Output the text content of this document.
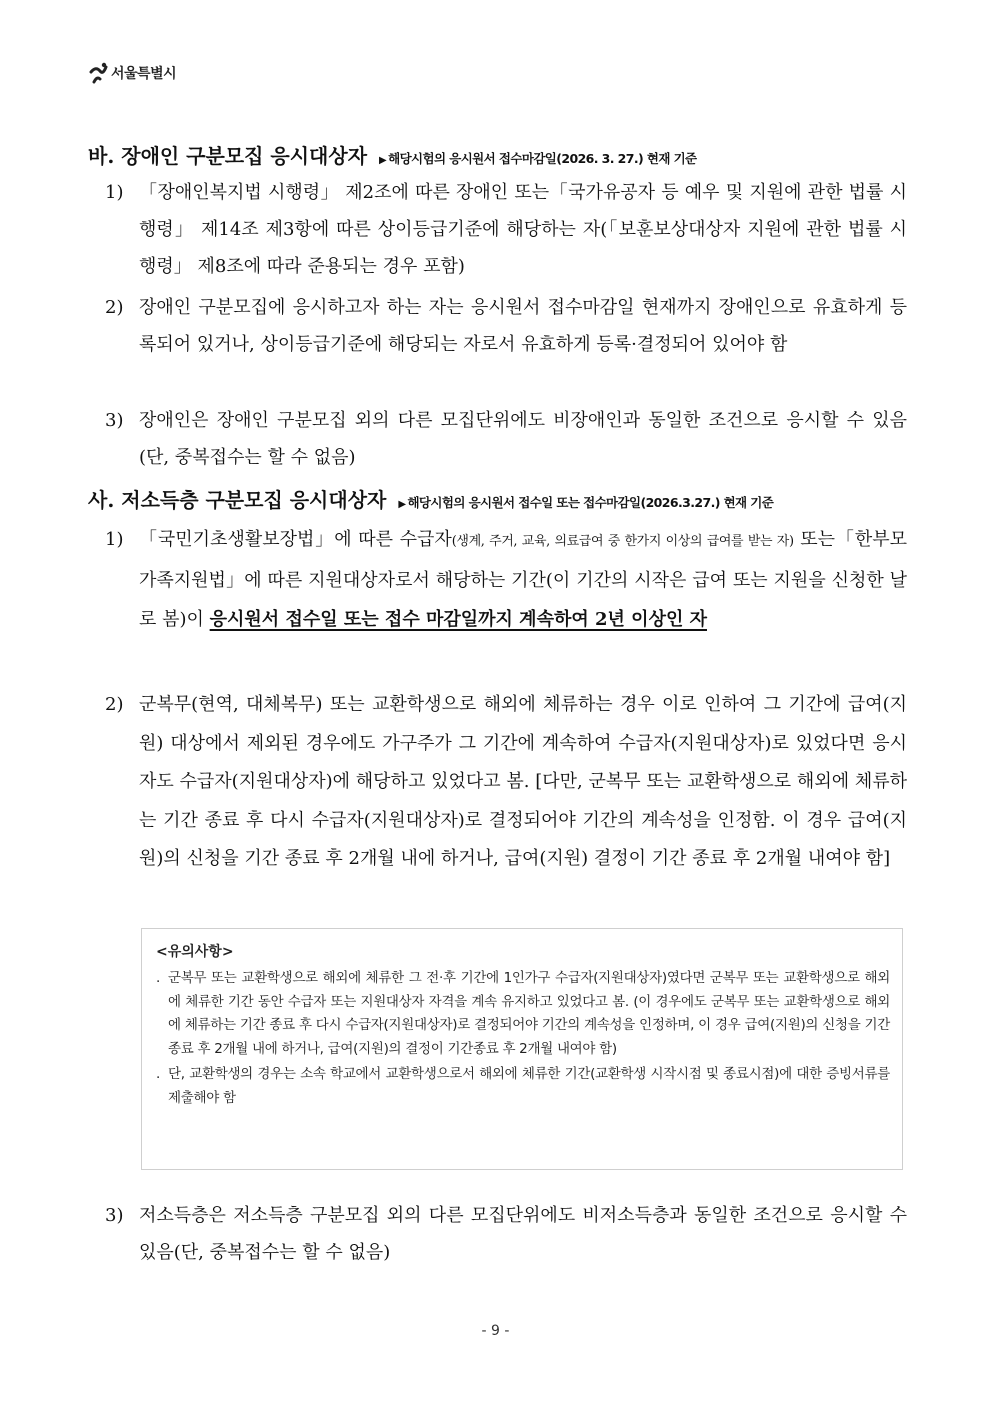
서울특별시
바. 장애인 구분모집 응시대상자 ▶ 해당시험의 응시원서 접수마감일(2026. 3. 27.) 현재 기준
1) 「장애인복지법 시행령」 제2조에 따른 장애인 또는「국가유공자 등 예우 및 지원에 관한 법률 시행령」 제14조 제3항에 따른 상이등급기준에 해당하는 자(「보훈보상대상자 지원에 관한 법률 시행령」 제8조에 따라 준용되는 경우 포함)
2) 장애인 구분모집에 응시하고자 하는 자는 응시원서 접수마감일 현재까지 장애인으로 유효하게 등록되어 있거나, 상이등급기준에 해당되는 자로서 유효하게 등록·결정되어 있어야 함
3) 장애인은 장애인 구분모집 외의 다른 모집단위에도 비장애인과 동일한 조건으로 응시할 수 있음(단, 중복접수는 할 수 없음)
사. 저소득층 구분모집 응시대상자 ▶ 해당시험의 응시원서 접수일 또는 접수마감일(2026.3.27.) 현재 기준
1) 「국민기초생활보장법」에 따른 수급자(생계, 주거, 교육, 의료급여 중 한가지 이상의 급여를 받는 자) 또는「한부모가족지원법」에 따른 지원대상자로서 해당하는 기간(이 기간의 시작은 급여 또는 지원을 신청한 날로 봄)이 응시원서 접수일 또는 접수 마감일까지 계속하여 2년 이상인 자
2) 군복무(현역, 대체복무) 또는 교환학생으로 해외에 체류하는 경우 이로 인하여 그 기간에 급여(지원) 대상에서 제외된 경우에도 가구주가 그 기간에 계속하여 수급자(지원대상자)로 있었다면 응시자도 수급자(지원대상자)에 해당하고 있었다고 봄. [다만, 군복무 또는 교환학생으로 해외에 체류하는 기간 종료 후 다시 수급자(지원대상자)로 결정되어야 기간의 계속성을 인정함. 이 경우 급여(지원)의 신청을 기간 종료 후 2개월 내에 하거나, 급여(지원) 결정이 기간 종료 후 2개월 내여야 함]
<유의사항>
. 군복무 또는 교환학생으로 해외에 체류한 그 전·후 기간에 1인가구 수급자(지원대상자)였다면 군복무 또는 교환학생으로 해외에 체류한 기간 동안 수급자 또는 지원대상자 자격을 계속 유지하고 있었다고 봄. (이 경우에도 군복무 또는 교환학생으로 해외에 체류하는 기간 종료 후 다시 수급자(지원대상자)로 결정되어야 기간의 계속성을 인정하며, 이 경우 급여(지원)의 신청을 기간종료 후 2개월 내에 하거나, 급여(지원)의 결정이 기간종료 후 2개월 내여야 함)
. 단, 교환학생의 경우는 소속 학교에서 교환학생으로서 해외에 체류한 기간(교환학생 시작시점 및 종료시점)에 대한 증빙서류를 제출해야 함
3) 저소득층은 저소득층 구분모집 외의 다른 모집단위에도 비저소득층과 동일한 조건으로 응시할 수 있음(단, 중복접수는 할 수 없음)
- 9 -
